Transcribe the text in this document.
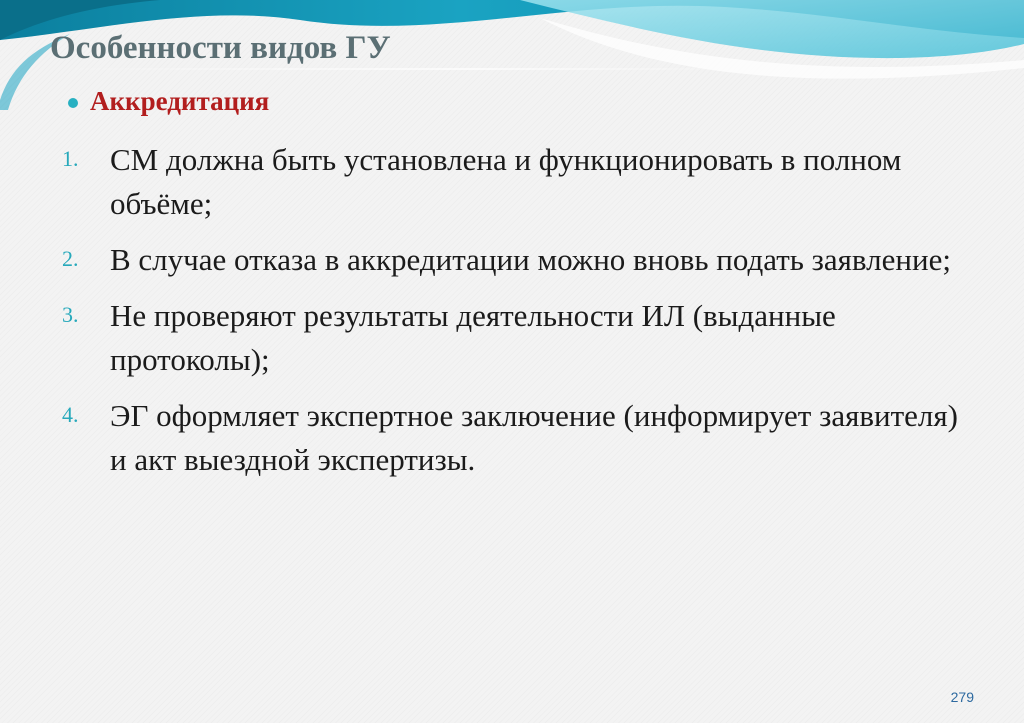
Особенности видов ГУ
Аккредитация
1.	СМ должна быть установлена и функционировать в полном объёме;
2.	В случае отказа в аккредитации можно вновь подать заявление;
3.	Не проверяют результаты деятельности ИЛ (выданные протоколы);
4.	ЭГ оформляет экспертное заключение (информирует заявителя) и акт выездной экспертизы.
279
